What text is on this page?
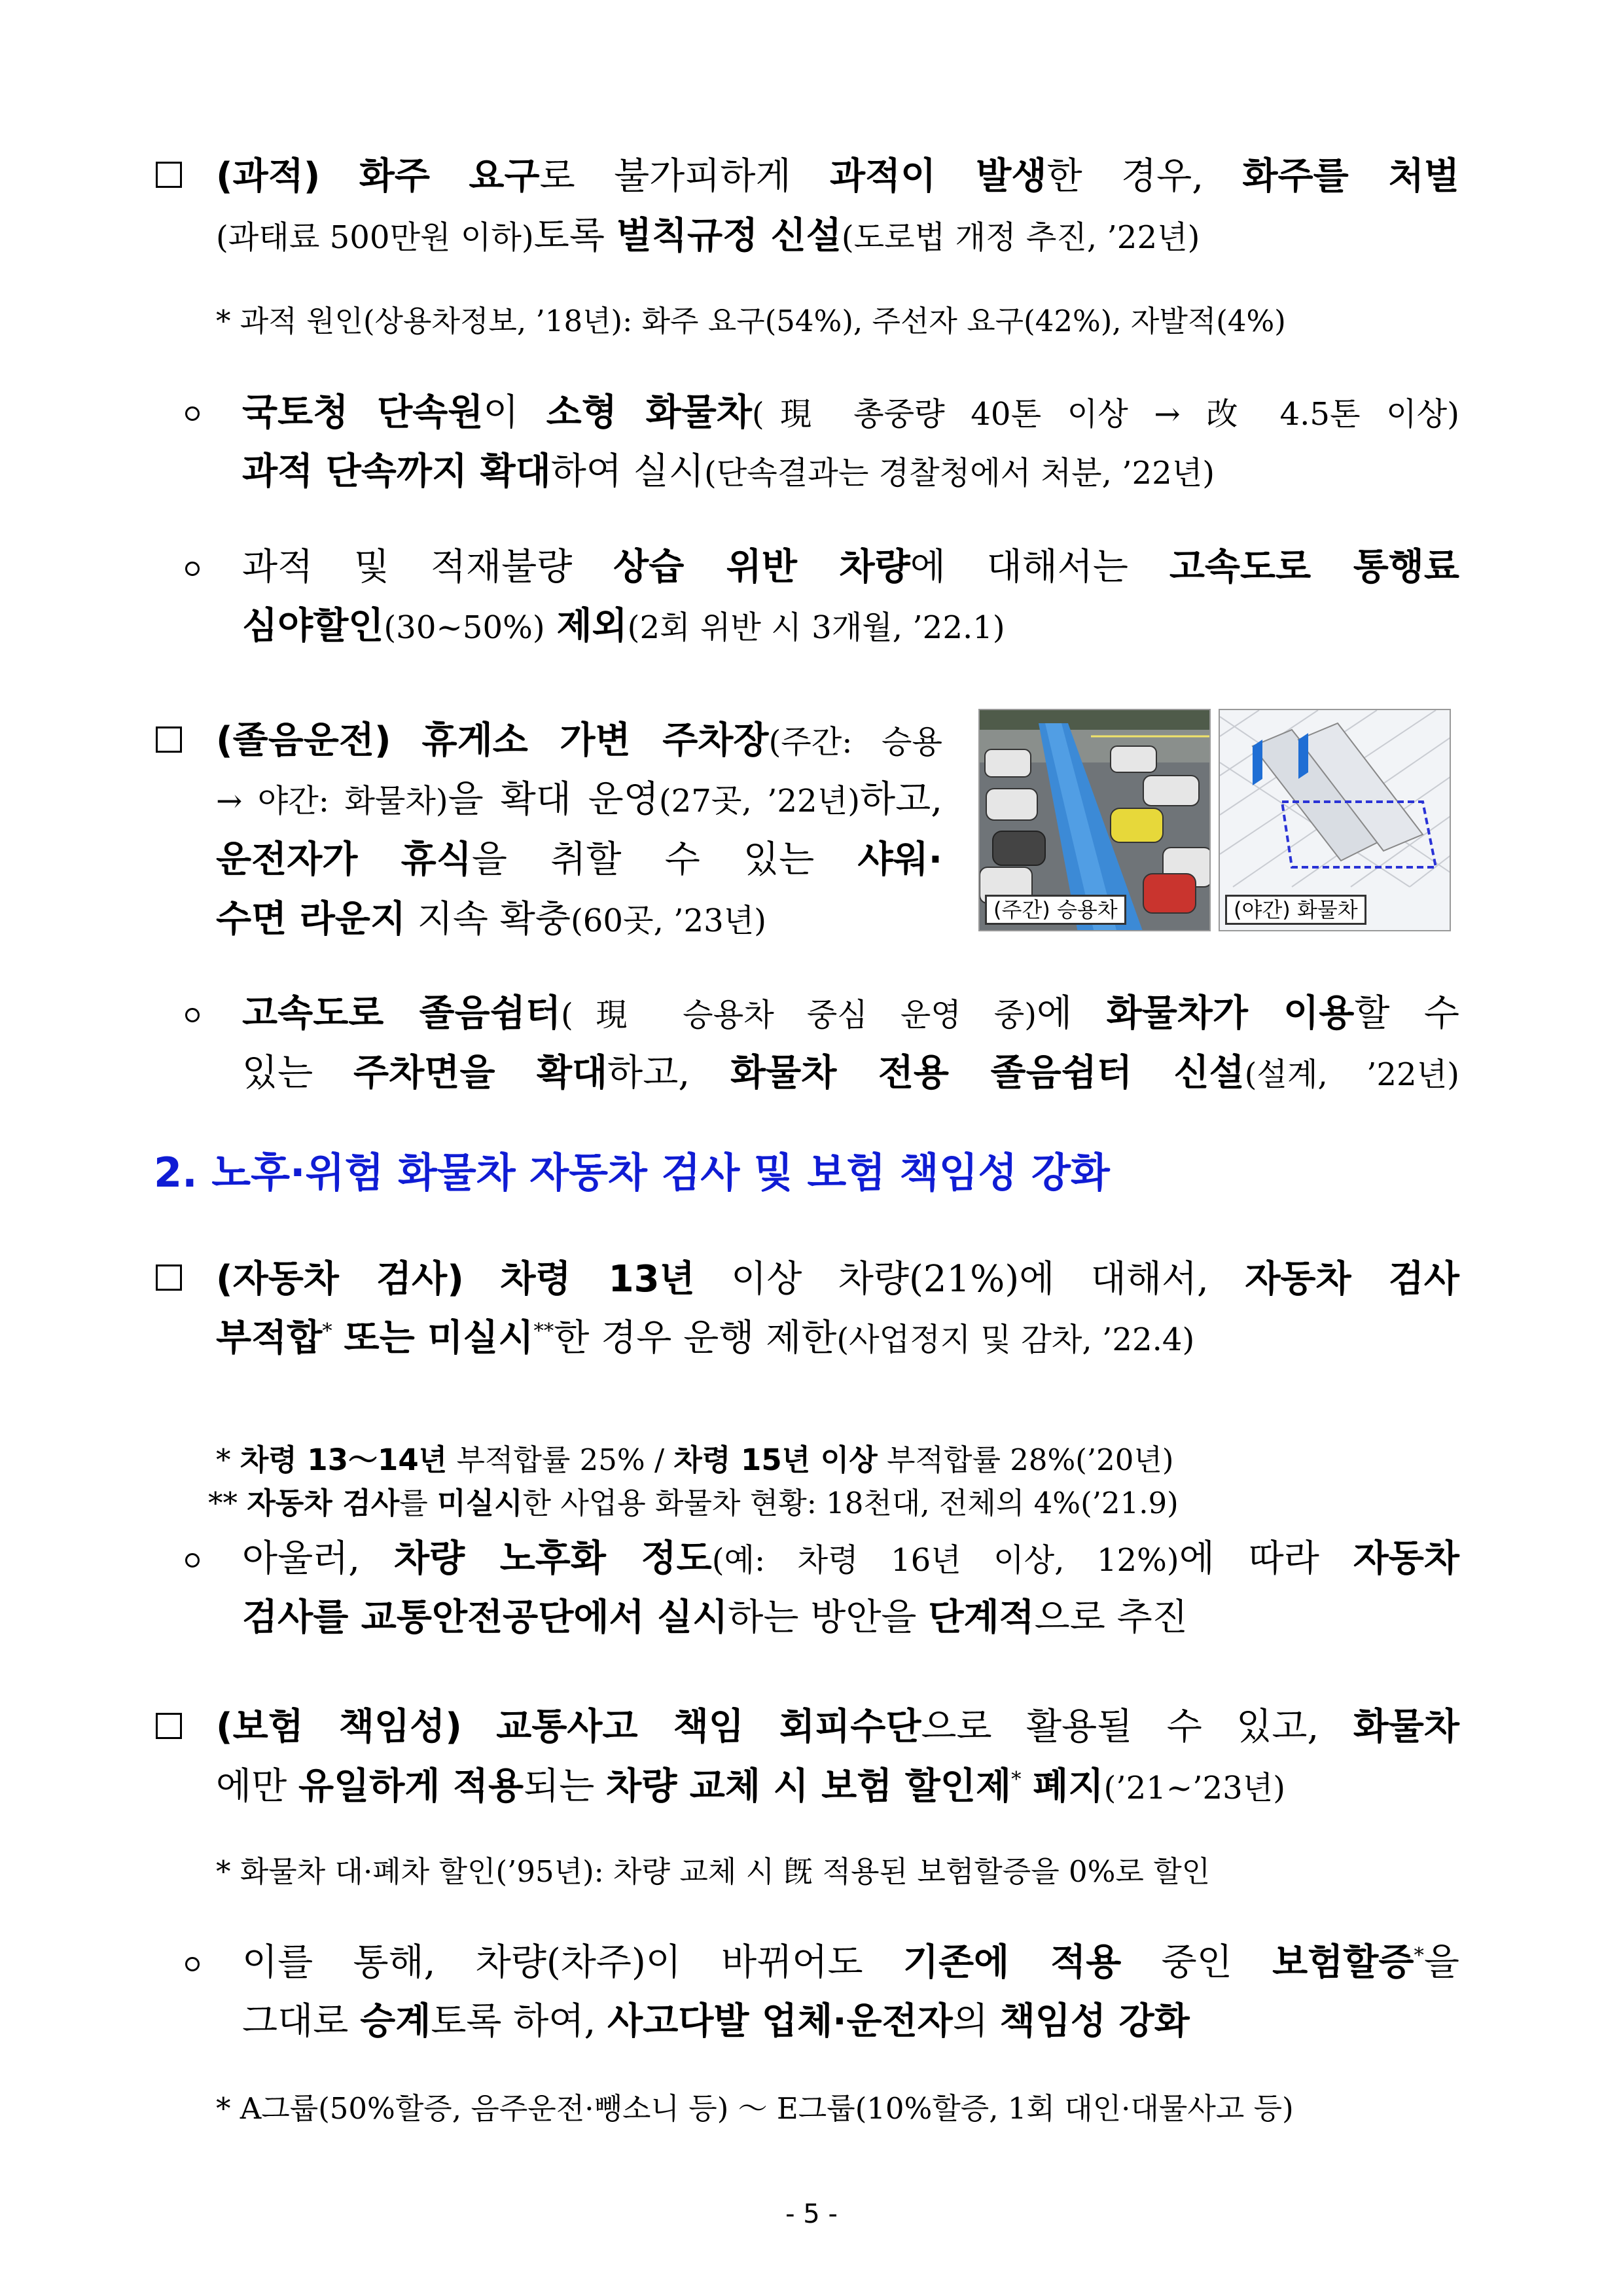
(과적) 화주 요구로 불가피하게 과적이 발생한 경우, 화주를 처벌
(과태료 500만원 이하)토록 벌칙규정 신설(도로법 개정 추진, ’22년)
* 과적 원인(상용차정보, ’18년): 화주 요구(54%), 주선자 요구(42%), 자발적(4%)
국토청 단속원이 소형 화물차(現 총중량 40톤 이상 → 改 4.5톤 이상)
과적 단속까지 확대하여 실시(단속결과는 경찰청에서 처분, ’22년)
과적 및 적재불량 상습 위반 차량에 대해서는 고속도로 통행료
심야할인(30~50%) 제외(2회 위반 시 3개월, ’22.1)
(졸음운전) 휴게소 가변 주차장(주간: 승용
→ 야간: 화물차)을 확대 운영(27곳, ’22년)하고,
운전자가 휴식을 취할 수 있는 샤워·
수면 라운지 지속 확충(60곳, ’23년)	(주간) 승용차	(야간) 화물차
고속도로 졸음쉼터(現 승용차 중심 운영 중)에 화물차가 이용할 수
있는 주차면을 확대하고, 화물차 전용 졸음쉼터 신설(설계, ’22년)
2. 노후·위험 화물차 자동차 검사 및 보험 책임성 강화
(자동차 검사) 차령 13년 이상 차량(21%)에 대해서, 자동차 검사
부적합* 또는 미실시**한 경우 운행 제한(사업정지 및 감차, ’22.4)

* 차령 13～14년 부적합률 25% / 차령 15년 이상 부적합률 28%(’20년)

** 자동차 검사를 미실시한 사업용 화물차 현황: 18천대, 전체의 4%(’21.9)
아울러, 차량 노후화 정도(예: 차령 16년 이상, 12%)에 따라 자동차
검사를 교통안전공단에서 실시하는 방안을 단계적으로 추진
(보험 책임성) 교통사고 책임 회피수단으로 활용될 수 있고, 화물차
에만 유일하게 적용되는 차량 교체 시 보험 할인제* 폐지(’21~’23년)
* 화물차 대·폐차 할인(’95년): 차량 교체 시 旣 적용된 보험할증을 0%로 할인
이를 통해, 차량(차주)이 바뀌어도 기존에 적용 중인 보험할증*을
그대로 승계토록 하여, 사고다발 업체·운전자의 책임성 강화
* A그룹(50%할증, 음주운전·뺑소니 등) ～ E그룹(10%할증, 1회 대인·대물사고 등)
- 5 -
